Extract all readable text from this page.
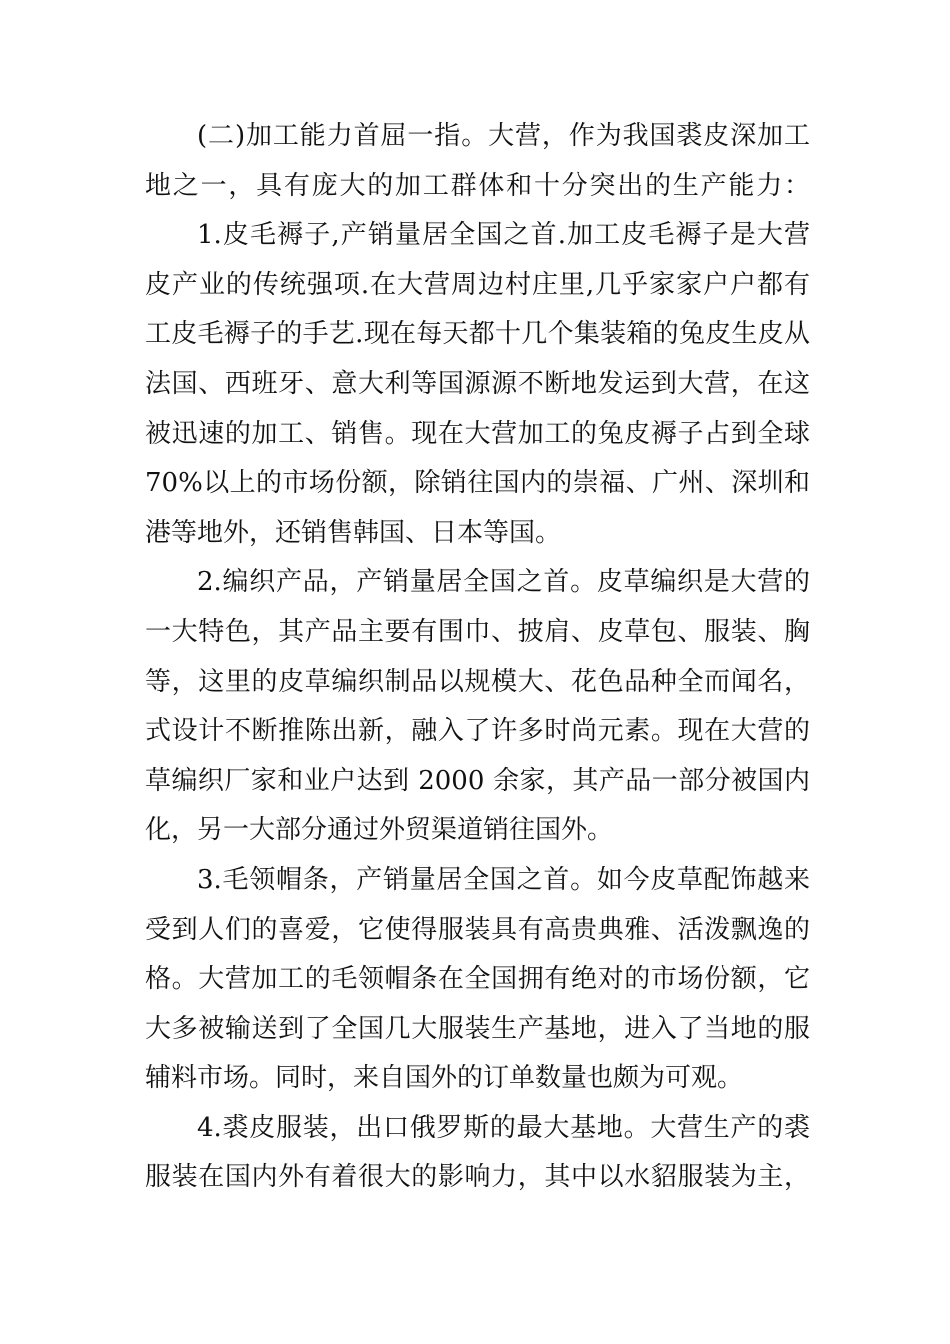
(二)加工能力首屈一指。大营，作为我国裘皮深加工
地之一，具有庞大的加工群体和十分突出的生产能力：
1.皮毛褥子,产销量居全国之首.加工皮毛褥子是大营
皮产业的传统强项.在大营周边村庄里,几乎家家户户都有
工皮毛褥子的手艺.现在每天都十几个集装箱的兔皮生皮从
法国、西班牙、意大利等国源源不断地发运到大营，在这
被迅速的加工、销售。现在大营加工的兔皮褥子占到全球
70%以上的市场份额，除销往国内的崇福、广州、深圳和
港等地外，还销售韩国、日本等国。
2.编织产品，产销量居全国之首。皮草编织是大营的
一大特色，其产品主要有围巾、披肩、皮草包、服装、胸
等，这里的皮草编织制品以规模大、花色品种全而闻名，
式设计不断推陈出新，融入了许多时尚元素。现在大营的
草编织厂家和业户达到 2000 余家，其产品一部分被国内
化，另一大部分通过外贸渠道销往国外。
3.毛领帽条，产销量居全国之首。如今皮草配饰越来
受到人们的喜爱，它使得服装具有高贵典雅、活泼飘逸的
格。大营加工的毛领帽条在全国拥有绝对的市场份额，它
大多被输送到了全国几大服装生产基地，进入了当地的服
辅料市场。同时，来自国外的订单数量也颇为可观。
4.裘皮服装，出口俄罗斯的最大基地。大营生产的裘
服装在国内外有着很大的影响力，其中以水貂服装为主，
